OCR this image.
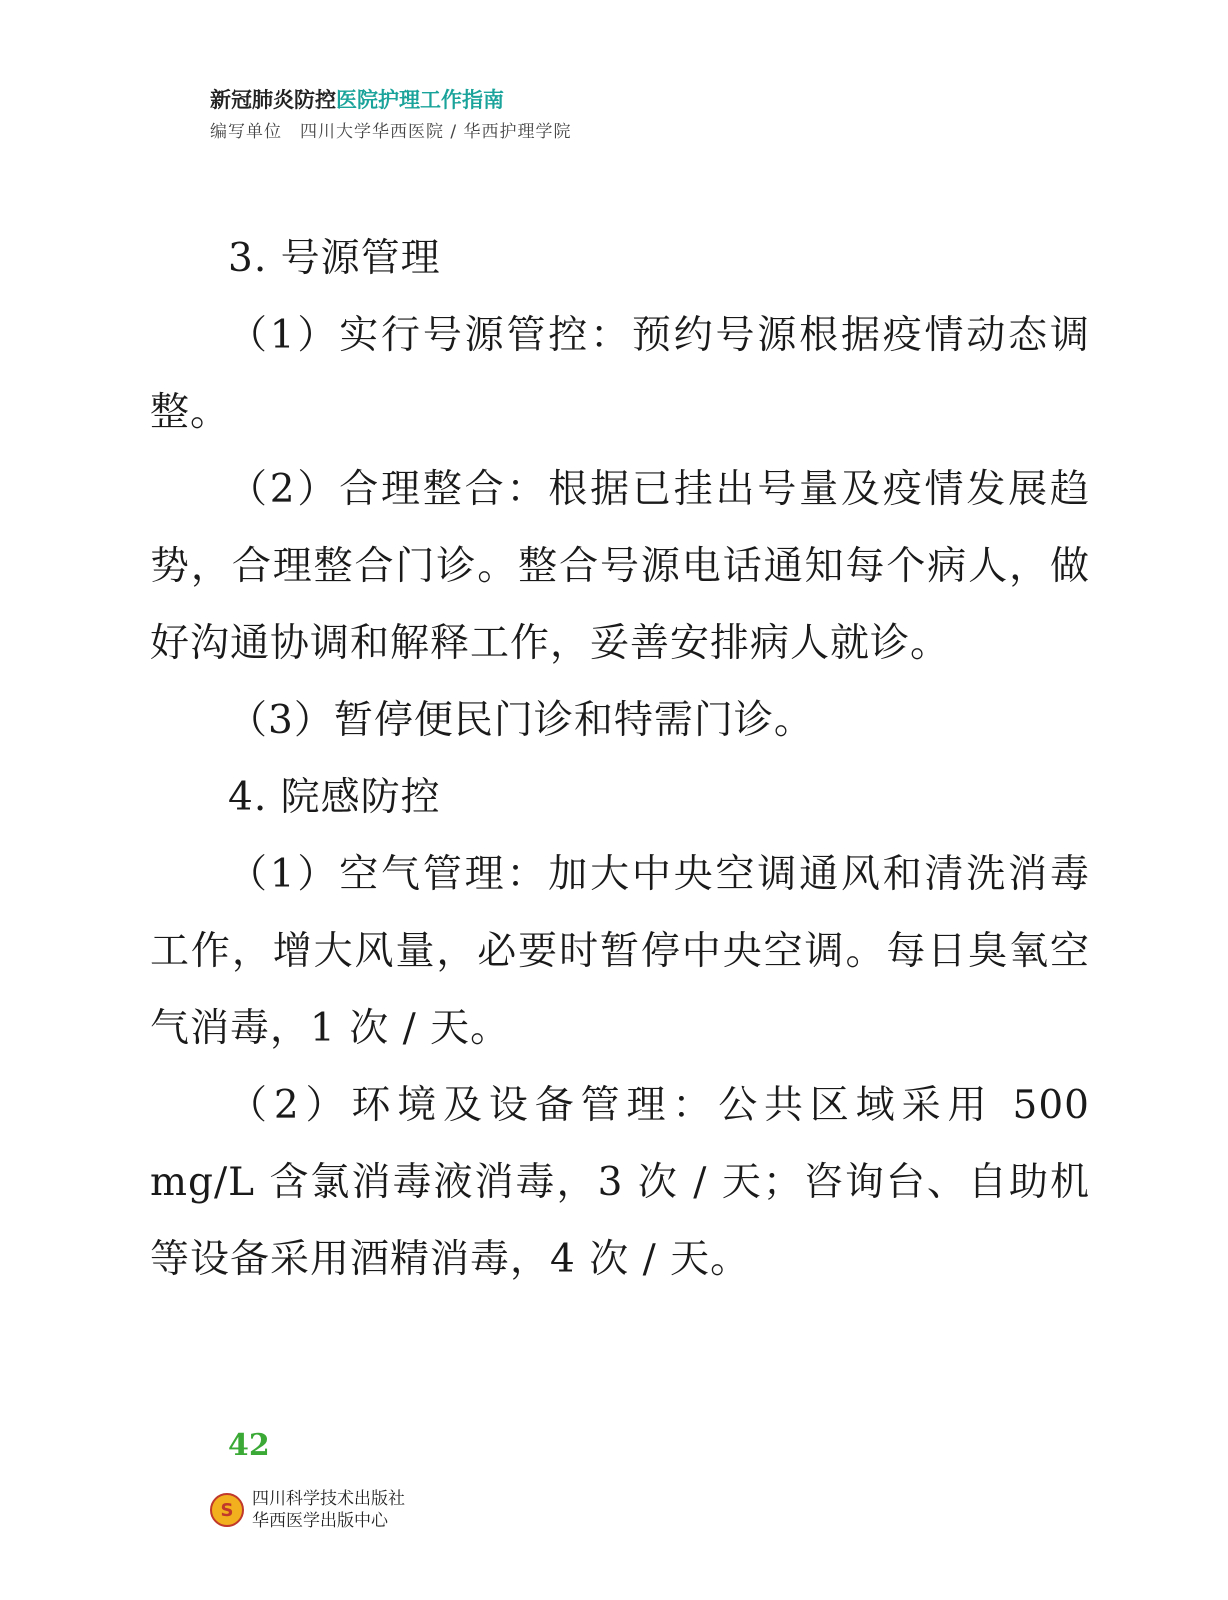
新冠肺炎防控医院护理工作指南
编写单位 四川大学华西医院 / 华西护理学院

3. 号源管理

（1）实行号源管控：预约号源根据疫情动态调整。

（2）合理整合：根据已挂出号量及疫情发展趋势，合理整合门诊。整合号源电话通知每个病人，做好沟通协调和解释工作，妥善安排病人就诊。

（3）暂停便民门诊和特需门诊。

4. 院感防控

（1）空气管理：加大中央空调通风和清洗消毒工作，增大风量，必要时暂停中央空调。每日臭氧空气消毒，1 次 / 天。

（2）环境及设备管理：公共区域采用 500 mg/L 含氯消毒液消毒，3 次 / 天；咨询台、自助机等设备采用酒精消毒，4 次 / 天。

42
S
四川科学技术出版社
华西医学出版中心
